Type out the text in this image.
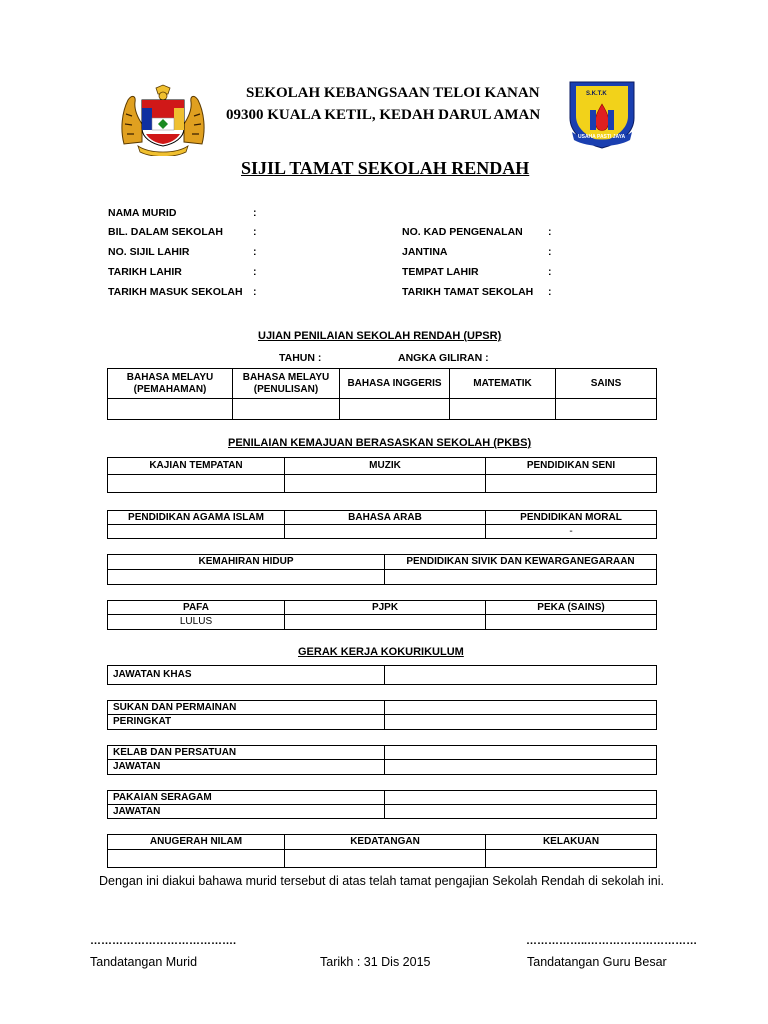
S.K.T.K
USAHA PASTI JAYA
SEKOLAH KEBANGSAAN TELOI KANAN
09300 KUALA KETIL, KEDAH DARUL AMAN
SIJIL TAMAT SEKOLAH RENDAH
NAMA MURID	:
BIL. DALAM SEKOLAH	:
NO. SIJIL LAHIR	:
TARIKH LAHIR	:
TARIKH MASUK SEKOLAH :
NO. KAD PENGENALAN :
JANTINA	:
TEMPAT LAHIR	:
TARIKH TAMAT SEKOLAH :
UJIAN PENILAIAN SEKOLAH RENDAH (UPSR)
TAHUN :	ANGKA GILIRAN :
BAHASA MELAYU (PEMAHAMAN)	BAHASA MELAYU (PENULISAN)	BAHASA INGGERIS	MATEMATIK	SAINS

PENILAIAN KEMAJUAN BERASASKAN SEKOLAH (PKBS)
KAJIAN TEMPATAN	MUZIK	PENDIDIKAN SENI

PENDIDIKAN AGAMA ISLAM	BAHASA ARAB	PENDIDIKAN MORAL
		-
KEMAHIRAN HIDUP	PENDIDIKAN SIVIK DAN KEWARGANEGARAAN

PAFA	PJPK	PEKA (SAINS)
LULUS		
GERAK KERJA KOKURIKULUM
JAWATAN KHAS	
SUKAN DAN PERMAINAN	
PERINGKAT	
KELAB DAN PERSATUAN	
JAWATAN	
PAKAIAN SERAGAM	
JAWATAN	
ANUGERAH NILAM	KEDATANGAN	KELAKUAN

Dengan ini diakui bahawa murid tersebut di atas telah tamat pengajian Sekolah Rendah di sekolah ini.
………………………………….	……………..…………………………
Tandatangan Murid	Tarikh : 31 Dis 2015	Tandatangan Guru Besar
